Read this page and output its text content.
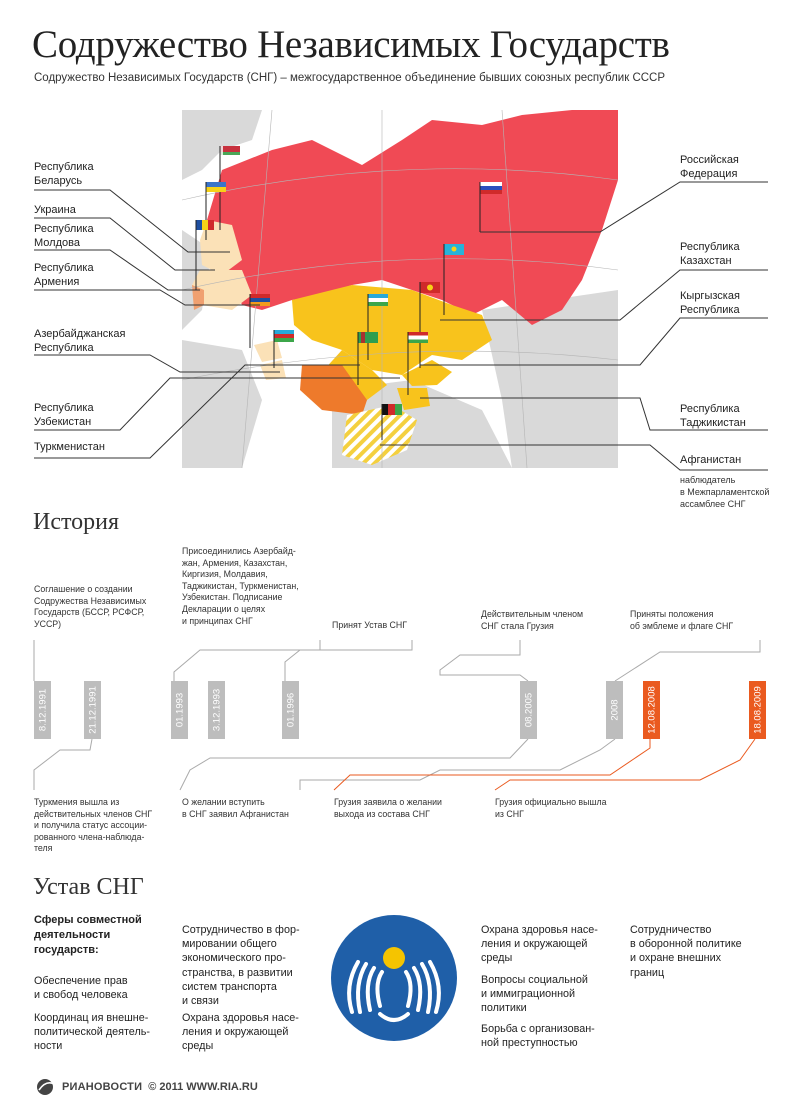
Содружество Независимых Государств
Содружество Независимых Государств (СНГ) – межгосударственное объединение бывших союзных республик СССР
Республика
Беларусь
Украина
Республика
Молдова
Республика
Армения
Азербайджанская
Республика
Республика
Узбекистан
Туркменистан
Российская
Федерация
Республика
Казахстан
Кыргызская
Республика
Республика
Таджикистан
Афганистан
наблюдатель
в Межпарламентской
ассамблее СНГ
История
Соглашение о создании
Содружества Независимых
Государств (БССР, РСФСР,
УССР)
Присоединились Азербайд-
жан, Армения, Казахстан,
Киргизия, Молдавия,
Таджикистан, Туркменистан,
Узбекистан. Подписание
Декларации о целях
и принципах СНГ	Принят Устав СНГ
Действительным членом
СНГ стала Грузия
Приняты положения
об эмблеме и флаге СНГ
8.12.1991	21.12.1991	01.1993	3.12.1993	01.1996	08.2005	2008	12.08.2008	18.08.2009
Туркмения вышла из
действительных членов СНГ
и получила статус ассоции-
рованного члена-наблюда-
теля
О желании вступить
в СНГ заявил Афганистан
Грузия заявила о желании
выхода из состава СНГ
Грузия официально вышла
из СНГ
Устав СНГ
Сферы совместной
деятельности
государств:
Обеспечение прав
и свобод человека
Координац ия внешне-
политической деятель-
ности
Сотрудничество в фор-
мировании общего
экономического про-
странства, в развитии
систем транспорта
и связи
Охрана здоровья насе-
ления и окружающей
среды
Охрана здоровья насе-
ления и окружающей
среды
Вопросы социальной
и иммиграционной
политики
Борьба с организован-
ной преступностью
Сотрудничество
в оборонной политике
и охране внешних
границ
РИАНОВОСТИ © 2011 WWW.RIA.RU
